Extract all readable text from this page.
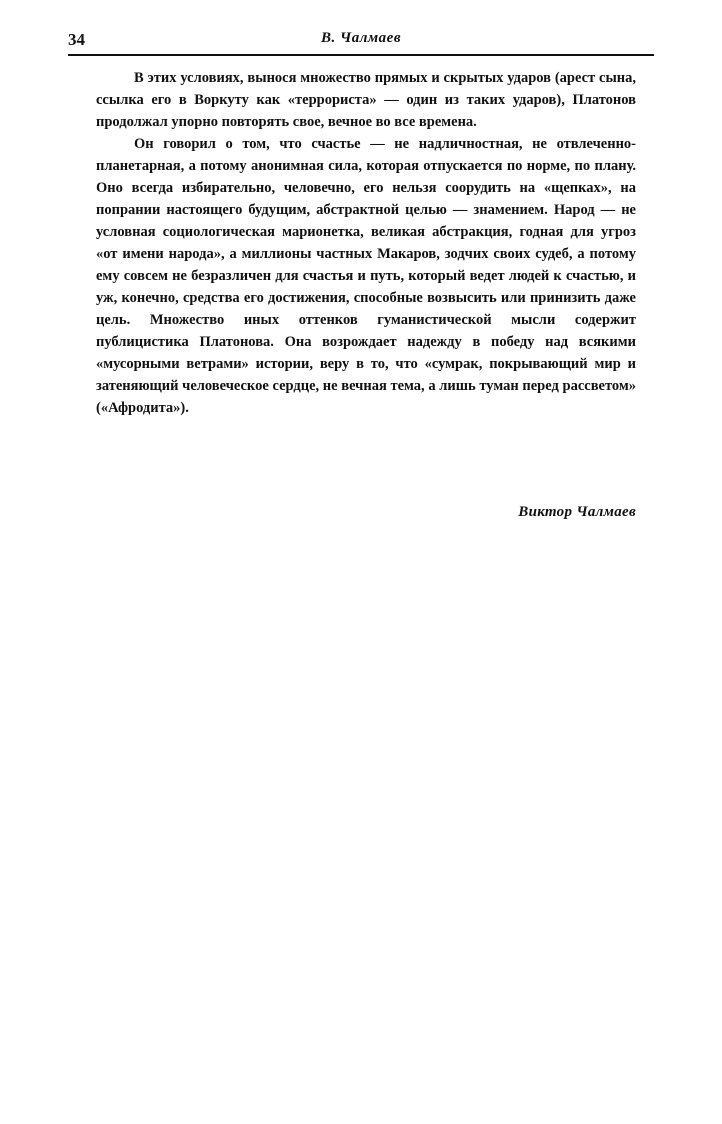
34	В. Чалмаев

В этих условиях, вынося множество прямых и скрытых ударов (арест сына, ссылка его в Воркуту как «террориста» — один из таких ударов), Платонов продолжал упорно повторять свое, вечное во все времена.

Он говорил о том, что счастье — не надличностная, не отвлеченно-планетарная, а потому анонимная сила, которая отпускается по норме, по плану. Оно всегда избирательно, человечно, его нельзя соорудить на «щепках», на попрании настоящего будущим, абстрактной целью — знамением. Народ — не условная социологическая марионетка, великая абстракция, годная для угроз «от имени народа», а миллионы частных Макаров, зодчих своих судеб, а потому ему совсем не безразличен для счастья и путь, который ведет людей к счастью, и уж, конечно, средства его достижения, способные возвысить или принизить даже цель. Множество иных оттенков гуманистической мысли содержит публицистика Платонова. Она возрождает надежду в победу над всякими «мусорными ветрами» истории, веру в то, что «сумрак, покрывающий мир и затеняющий человеческое сердце, не вечная тема, а лишь туман перед рассветом» («Афродита»).

Виктор Чалмаев
